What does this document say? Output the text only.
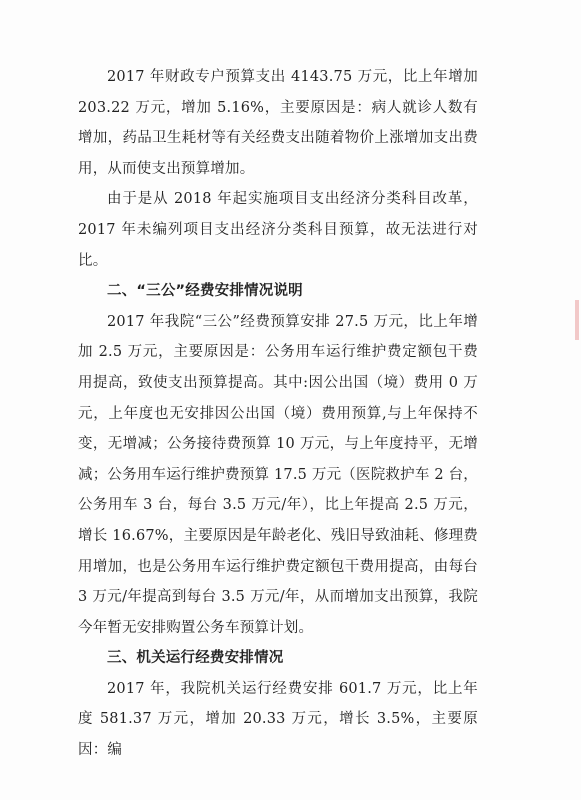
2017 年财政专户预算支出 4143.75 万元，比上年增加 203.22 万元，增加 5.16%，主要原因是：病人就诊人数有增加，药品卫生耗材等有关经费支出随着物价上涨增加支出费用，从而使支出预算增加。

由于是从 2018 年起实施项目支出经济分类科目改革，2017 年未编列项目支出经济分类科目预算，故无法进行对比。

二、“三公”经费安排情况说明

2017 年我院“三公”经费预算安排 27.5 万元，比上年增加 2.5 万元，主要原因是：公务用车运行维护费定额包干费用提高，致使支出预算提高。其中:因公出国（境）费用 0 万元，上年度也无安排因公出国（境）费用预算,与上年保持不变，无增减；公务接待费预算 10 万元，与上年度持平，无增减；公务用车运行维护费预算 17.5 万元（医院救护车 2 台，公务用车 3 台，每台 3.5 万元/年），比上年提高 2.5 万元，增长 16.67%，主要原因是年龄老化、残旧导致油耗、修理费用增加，也是公务用车运行维护费定额包干费用提高，由每台 3 万元/年提高到每台 3.5 万元/年，从而增加支出预算，我院今年暂无安排购置公务车预算计划。

三、机关运行经费安排情况

2017 年，我院机关运行经费安排 601.7 万元，比上年度 581.37 万元，增加 20.33 万元，增长 3.5%，主要原因：编
